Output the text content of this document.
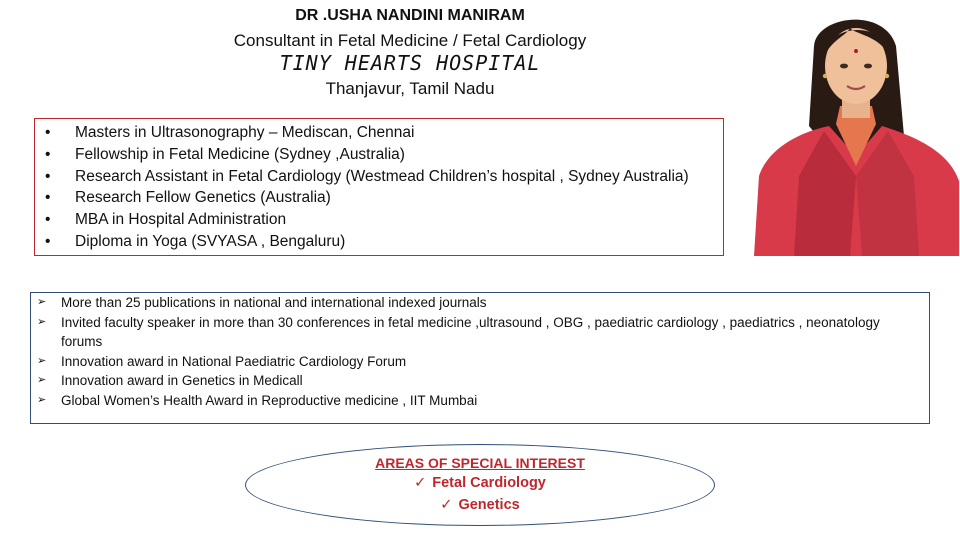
DR .USHA NANDINI MANIRAM
Consultant in Fetal Medicine / Fetal Cardiology
TINY HEARTS HOSPITAL
Thanjavur, Tamil Nadu
• Masters in Ultrasonography – Mediscan, Chennai
• Fellowship in Fetal Medicine (Sydney ,Australia)
• Research Assistant in Fetal Cardiology (Westmead Children’s hospital , Sydney Australia)
• Research Fellow Genetics (Australia)
• MBA in Hospital Administration
• Diploma in Yoga (SVYASA , Bengaluru)
➢	More than 25 publications in national and international indexed journals
➢	Invited faculty speaker in more than 30 conferences in fetal medicine ,ultrasound , OBG , paediatric cardiology , paediatrics , neonatology forums
➢	Innovation award in National Paediatric Cardiology Forum
➢	Innovation award in Genetics in Medicall
➢	Global Women’s Health Award in Reproductive medicine , IIT Mumbai
AREAS OF SPECIAL INTEREST
✓ Fetal Cardiology
✓ Genetics
